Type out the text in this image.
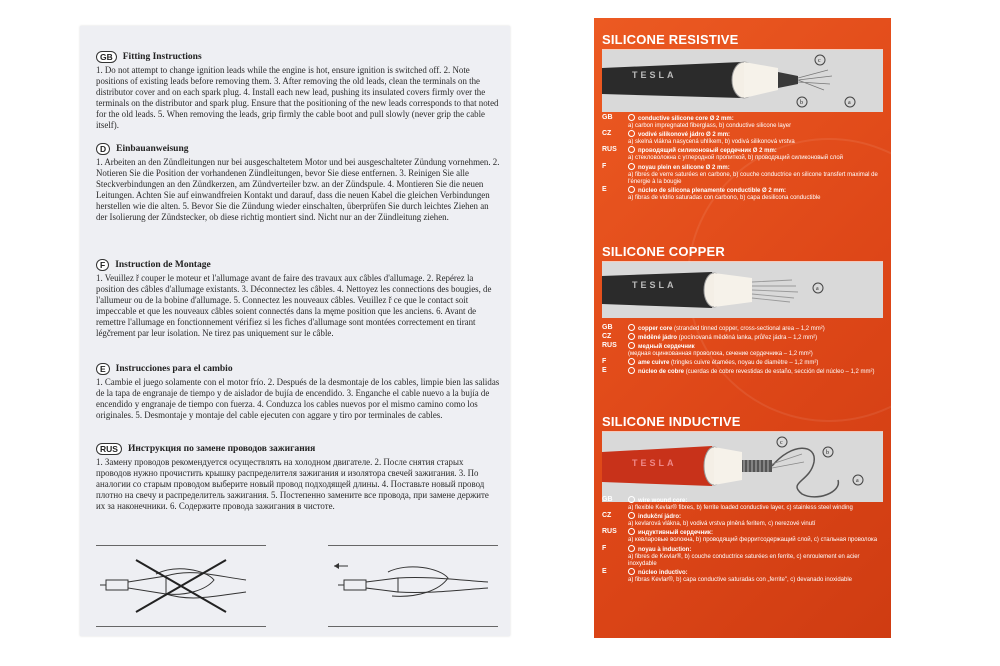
GB	Fitting Instructions
1. Do not attempt to change ignition leads while the engine is hot, ensure ignition is switched off. 2. Note positions of existing leads before removing them. 3. After removing the old leads, clean the terminals on the distributor cover and on each spark plug. 4. Install each new lead, pushing its insulated covers firmly over the terminals on the distributor and spark plug. Ensure that the positioning of the new leads corresponds to that noted for the old leads. 5. When removing the leads, grip firmly the cable boot and pull slowly (never grip the cable itself).
D	Einbauanweisung
1. Arbeiten an den Zündleitungen nur bei ausgeschaltetem Motor und bei ausgeschalteter Zündung vornehmen. 2. Notieren Sie die Position der vorhandenen Zündleitungen, bevor Sie diese entfernen. 3. Reinigen Sie alle Steckverbindungen an den Zündkerzen, am Zündverteiler bzw. an der Zündspule. 4. Montieren Sie die neuen Leitungen. Achten Sie auf einwandfreien Kontakt und darauf, dass die neuen Kabel die gleichen Verbindungen herstellen wie die alten. 5. Bevor Sie die Zündung wieder einschalten, überprüfen Sie durch leichtes Ziehen an der Isolierung der Zündstecker, ob diese richtig montiert sind. Nicht nur an der Zündleitung ziehen.
F	Instruction de Montage
1. Veuillez ř couper le moteur et l'allumage avant de faire des travaux aux câbles d'allumage. 2. Repérez la position des câbles d'allumage existants. 3. Déconnectez les câbles. 4. Nettoyez les connections des bougies, de l'allumeur ou de la bobine d'allumage. 5. Connectez les nouveaux câbles. Veuillez ř ce que le contact soit impeccable et que les nouveaux câbles soient connectés dans la męme position que les anciens. 6. Avant de remettre l'allumage en fonctionnement vérifiez si les fiches d'allumage sont montées correctement en tirant légčrement par leur isolation. Ne tirez pas uniquement sur le câble.
E	Instrucciones para el cambio
1. Cambie el juego solamente con el motor frío. 2. Después de la desmontaje de los cables, limpie bien las salidas de la tapa de engranaje de tiempo y de aislador de bujía de encendido. 3. Enganche el cable nuevo a la bujía de encendido y engranaje de tiempo con fuerza. 4. Conduzca los cables nuevos por el mismo camino como los originales. 5. Desmontaje y montaje del cable ejecuten con aggare y tiro por terminales de cables.
RUS	Инструкция по замене проводов зажигания
1. Замену проводов рекомендуется осуществлять на холодном двигателе. 2. После снятия старых проводов нужно прочистить крышку распределителя зажигания и изолятора свечей зажигания. 3. По аналогии со старым проводом выберите новый провод подходящей длины. 4. Поставьте новый провод плотно на свечу и распределитель зажигания. 5. Постепенно замените все провода, при замене держите их за наконечники. 6. Содержите провода зажигания в чистоте.
SILICONE RESISTIVE
TESLA
c
b	a
GB	conductive silicone core Ø 2 mm:
a) carbon impregnated fiberglass, b) conductive silicone layer
CZ	vodivé silikonové jádro Ø 2 mm:
a) skelná vlákna nasycená uhlíkem, b) vodivá silikonová vrstva
RUS	проводящий силиконовый сердечник Ø 2 mm:
a) стекловолокна с углеродной пропиткой, b) проводящий силиконовый слой
F	noyau plein en silicone Ø 2 mm:
a) fibres de verre saturées en carbone, b) couche conductrice en silicone transfert maximal de l'énergie à la bougie
E	núcleo de silicona plenamente conductible Ø 2 mm:
a) fibras de vidrio saturadas con carbono, b) capa desilicona conductible
SILICONE COPPER
TESLA	a
GB	copper core (stranded tinned copper, cross-sectional area – 1,2 mm²)
CZ	měděné jádro (pocínovaná měděná lanka, průřez jádra – 1,2 mm²)
RUS	медный сердечник
(медная оцинкованная проволока, сечение сердечника – 1,2 mm²)
F	ame cuivre (tringles cuivre étamées, noyau de diamètre – 1,2 mm²)
E	núcleo de cobre (cuerdas de cobre revestidas de estaño, sección del núcleo – 1,2 mm²)
SILICONE INDUCTIVE
TESLA
c
b
a
GB	wire wound core:
a) flexible Kevlar® fibres, b) ferrite loaded conductive layer, c) stainless steel winding
CZ	indukční jádro:
a) kevlarová vlákna, b) vodivá vrstva plněná feritem, c) nerezové vinutí
RUS	индуктивный сердечник:
a) кевларовые волокна, b) проводящий ферритсодержащий слой, c) стальная проволока
F	noyau à induction:
a) fibres de Kevlar®, b) couche conductrice saturées en ferrite, c) enroulement en acier inoxydable
E	núcleo inductivo:
a) fibras Kevlar®, b) capa conductive saturadas con „ferrite", c) devanado inoxidable
